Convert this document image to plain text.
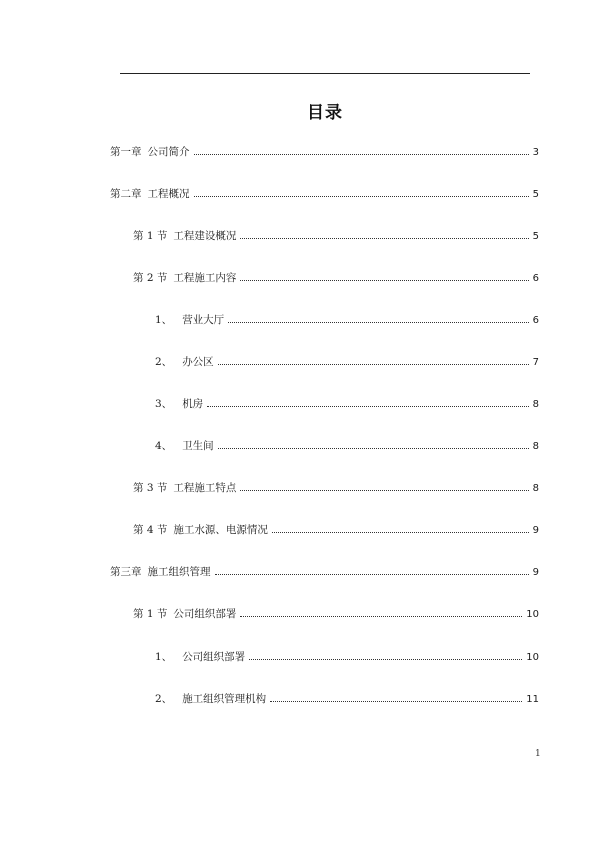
目录
第一章 公司简介	3
第二章 工程概况	5
第 1 节 工程建设概况	5
第 2 节 工程施工内容	6
1、 营业大厅	6
2、 办公区	7
3、 机房	8
4、 卫生间	8
第 3 节 工程施工特点	8
第 4 节 施工水源、电源情况	9
第三章 施工组织管理	9
第 1 节 公司组织部署	10
1、 公司组织部署	10
2、 施工组织管理机构	11
1
